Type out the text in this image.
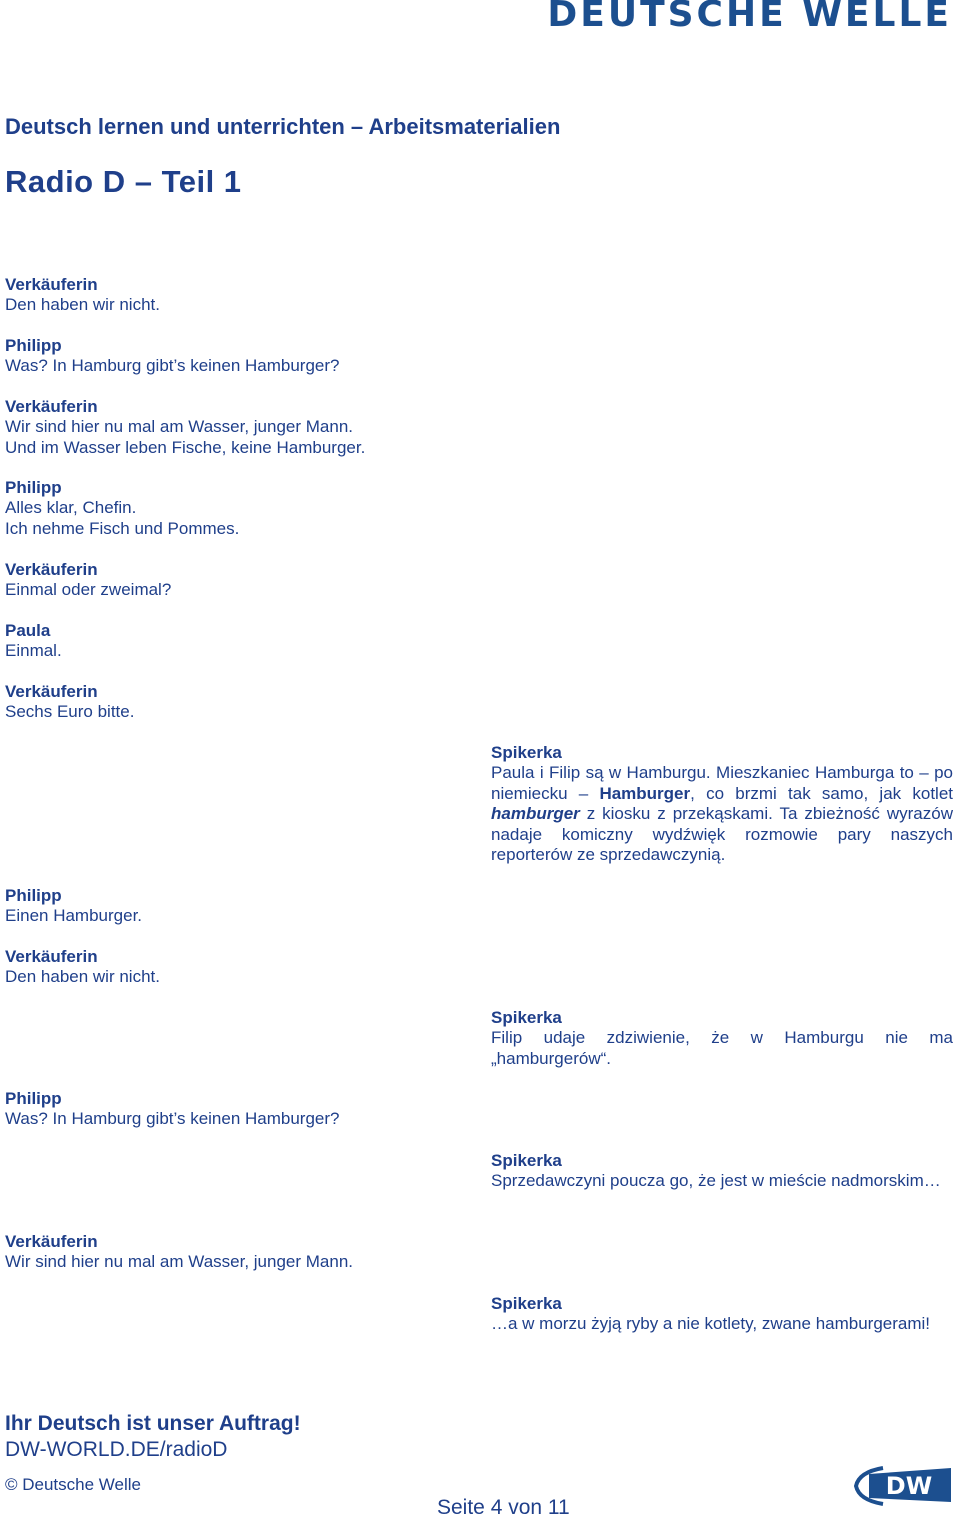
DEUTSCHE WELLE
Deutsch lernen und unterrichten – Arbeitsmaterialien
Radio D – Teil 1
Verkäuferin
Den haben wir nicht.
Philipp
Was? In Hamburg gibt’s keinen Hamburger?
Verkäuferin
Wir sind hier nu mal am Wasser, junger Mann.
Und im Wasser leben Fische, keine Hamburger.
Philipp
Alles klar, Chefin.
Ich nehme Fisch und Pommes.
Verkäuferin
Einmal oder zweimal?
Paula
Einmal.
Verkäuferin
Sechs Euro bitte.
Philipp
Einen Hamburger.
Verkäuferin
Den haben wir nicht.
Philipp
Was? In Hamburg gibt’s keinen Hamburger?
Verkäuferin
Wir sind hier nu mal am Wasser, junger Mann.
Spikerka
Paula i Filip są w Hamburgu. Mieszkaniec Hamburga to – po niemiecku – Hamburger, co brzmi tak samo, jak kotlet hamburger z kiosku z przekąskami. Ta zbieżność wyrazów nadaje komiczny wydźwięk rozmowie pary naszych reporterów ze sprzedawczynią.
Spikerka
Filip udaje zdziwienie, że w Hamburgu nie ma „hamburgerów“.
Spikerka
Sprzedawczyni poucza go, że jest w mieście nadmorskim…
Spikerka
…a w morzu żyją ryby a nie kotlety, zwane hamburgerami!
Ihr Deutsch ist unser Auftrag!
DW-WORLD.DE/radioD
© Deutsche Welle
Seite 4 von 11
DW
